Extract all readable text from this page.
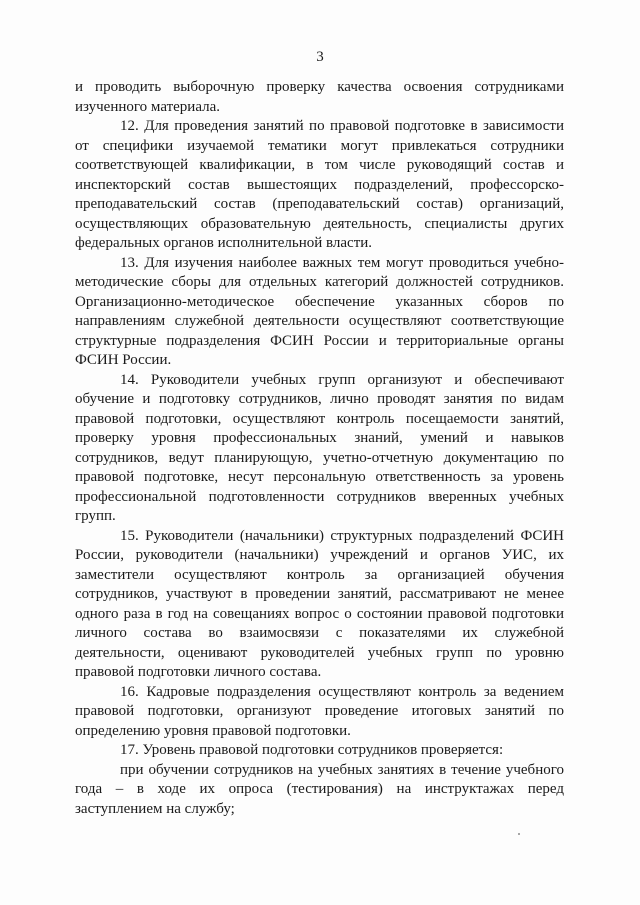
3

и проводить выборочную проверку качества освоения сотрудниками изученного материала.

12. Для проведения занятий по правовой подготовке в зависимости от специфики изучаемой тематики могут привлекаться сотрудники соответствующей квалификации, в том числе руководящий состав и инспекторский состав вышестоящих подразделений, профессорско-преподавательский состав (преподавательский состав) организаций, осуществляющих образовательную деятельность, специалисты других федеральных органов исполнительной власти.

13. Для изучения наиболее важных тем могут проводиться учебно-методические сборы для отдельных категорий должностей сотрудников. Организационно-методическое обеспечение указанных сборов по направлениям служебной деятельности осуществляют соответствующие структурные подразделения ФСИН России и территориальные органы ФСИН России.

14. Руководители учебных групп организуют и обеспечивают обучение и подготовку сотрудников, лично проводят занятия по видам правовой подготовки, осуществляют контроль посещаемости занятий, проверку уровня профессиональных знаний, умений и навыков сотрудников, ведут планирующую, учетно-отчетную документацию по правовой подготовке, несут персональную ответственность за уровень профессиональной подготовленности сотрудников вверенных учебных групп.

15. Руководители (начальники) структурных подразделений ФСИН России, руководители (начальники) учреждений и органов УИС, их заместители осуществляют контроль за организацией обучения сотрудников, участвуют в проведении занятий, рассматривают не менее одного раза в год на совещаниях вопрос о состоянии правовой подготовки личного состава во взаимосвязи с показателями их служебной деятельности, оценивают руководителей учебных групп по уровню правовой подготовки личного состава.

16. Кадровые подразделения осуществляют контроль за ведением правовой подготовки, организуют проведение итоговых занятий по определению уровня правовой подготовки.

17. Уровень правовой подготовки сотрудников проверяется:

при обучении сотрудников на учебных занятиях в течение учебного года – в ходе их опроса (тестирования) на инструктажах перед заступлением на службу;
